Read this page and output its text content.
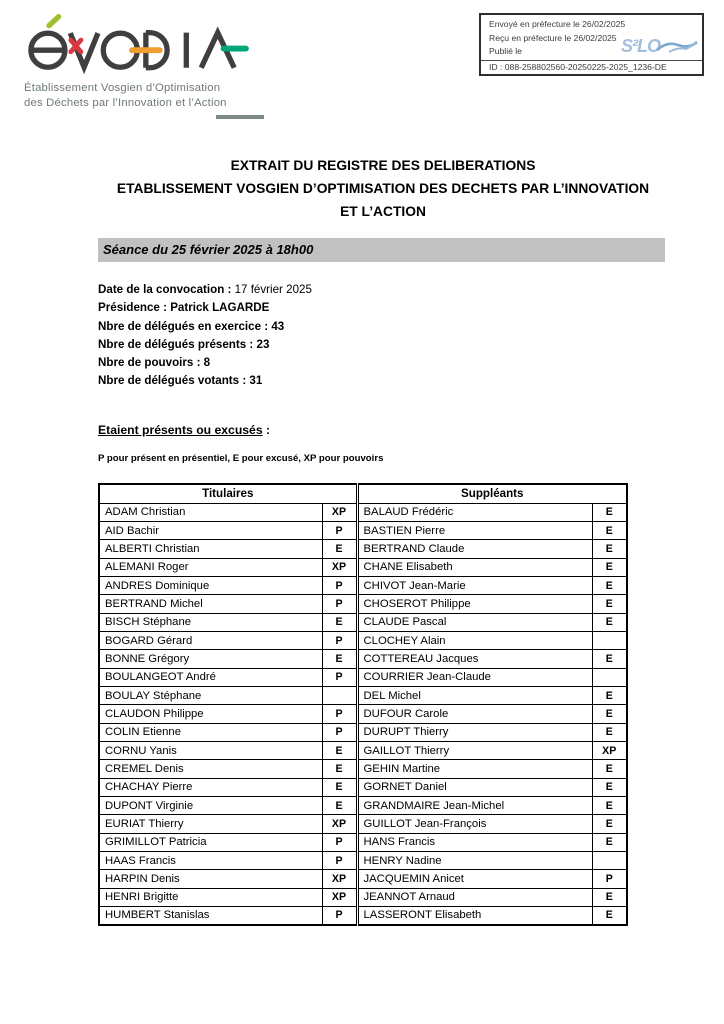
Établissement Vosgien d’Optimisation
des Déchets par l’Innovation et l’Action
Envoyé en préfecture le 26/02/2025
Reçu en préfecture le 26/02/2025
Publié le
ID : 088-258802560-20250225-2025_1236-DE
S²LO
EXTRAIT DU REGISTRE DES DELIBERATIONS
ETABLISSEMENT VOSGIEN D’OPTIMISATION DES DECHETS PAR L’INNOVATION
ET L’ACTION
Séance du 25 février 2025 à 18h00
Date de la convocation : 17 février 2025
Présidence : Patrick LAGARDE
Nbre de délégués en exercice : 43
Nbre de délégués présents : 23
Nbre de pouvoirs : 8
Nbre de délégués votants : 31
Etaient présents ou excusés :
P pour présent en présentiel, E pour excusé, XP pour pouvoirs
Titulaires		Suppléants	
ADAM Christian	XP	BALAUD Frédéric	E
AID Bachir	P	BASTIEN Pierre	E
ALBERTI Christian	E	BERTRAND Claude	E
ALEMANI Roger	XP	CHANE Elisabeth	E
ANDRES Dominique	P	CHIVOT Jean-Marie	E
BERTRAND Michel	P	CHOSEROT Philippe	E
BISCH Stéphane	E	CLAUDE Pascal	E
BOGARD Gérard	P	CLOCHEY Alain	
BONNE Grégory	E	COTTEREAU Jacques	E
BOULANGEOT André	P	COURRIER Jean-Claude	
BOULAY Stéphane		DEL Michel	E
CLAUDON Philippe	P	DUFOUR Carole	E
COLIN Etienne	P	DURUPT Thierry	E
CORNU Yanis	E	GAILLOT Thierry	XP
CREMEL Denis	E	GEHIN Martine	E
CHACHAY Pierre	E	GORNET Daniel	E
DUPONT Virginie	E	GRANDMAIRE Jean-Michel	E
EURIAT Thierry	XP	GUILLOT Jean-François	E
GRIMILLOT Patricia	P	HANS Francis	E
HAAS Francis	P	HENRY Nadine	
HARPIN Denis	XP	JACQUEMIN Anicet	P
HENRI Brigitte	XP	JEANNOT Arnaud	E
HUMBERT Stanislas	P	LASSERONT Elisabeth	E
